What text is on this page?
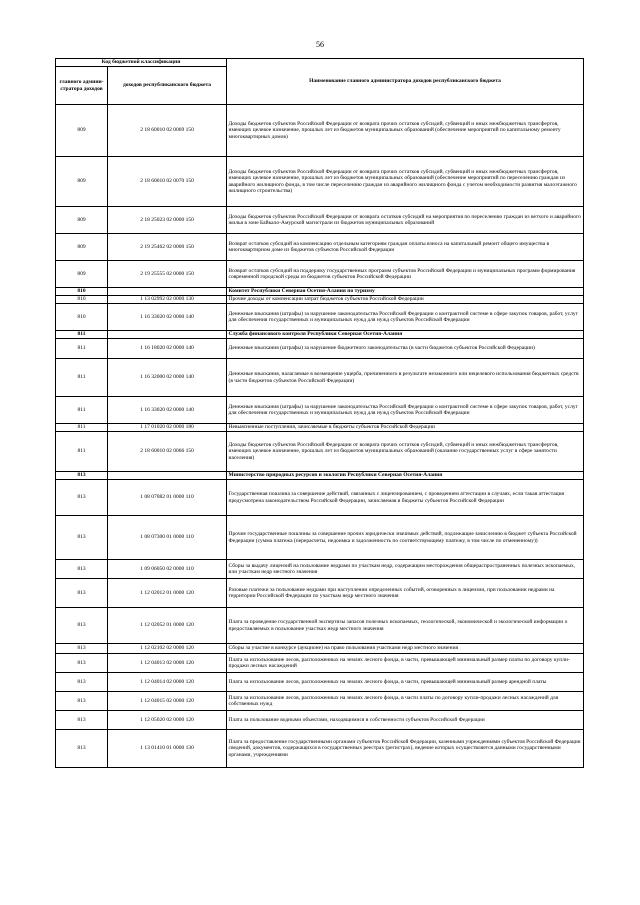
56
Код бюджетной классификации		Наименование главного администратора доходов республиканского бюджета
главного админи-стратора доходов	доходов республиканского бюджета	
809	2 18 60010 02 0069 150	Доходы бюджетов субъектов Российской Федерации от возврата прочих остатков субсидий, субвенций и иных межбюджетных трансфертов, имеющих целевое назначение, прошлых лет из бюджетов муниципальных образований (обеспечение мероприятий по капитальному ремонту многоквартирных домов)
809	2 18 60010 02 0070 150	Доходы бюджетов субъектов Российской Федерации от возврата прочих остатков субсидий, субвенций и иных межбюджетных трансфертов, имеющих целевое назначение, прошлых лет из бюджетов муниципальных образований (обеспечение мероприятий по переселению граждан из аварийного жилищного фонда, в том числе переселению граждан из аварийного жилищного фонда с учетом необходимости развития малоэтажного жилищного строительства)
809	2 18 25023 02 0000 150	Доходы бюджетов субъектов Российской Федерации от возврата остатков субсидий на мероприятия по переселению граждан из ветхого и аварийного жилья в зоне Байкало-Амурской магистрали из бюджетов муниципальных образований
809	2 19 25462 02 0000 150	Возврат остатков субсидий на компенсацию отдельным категориям граждан оплаты взноса на капитальный ремонт общего имущества в многоквартирном доме из бюджетов субъектов Российской Федерации
809	2 19 25555 02 0000 150	Возврат остатков субсидий на поддержку государственных программ субъектов Российской Федерации и муниципальных программ формирования современной городской среды из бюджетов субъектов Российской Федерации
810		Комитет Республики Северная Осетия-Алания по туризму
810	1 13 02992 02 0000 130	Прочие доходы от компенсации затрат бюджетов субъектов Российской Федерации
810	1 16 33020 02 0000 140	Денежные взыскания (штрафы) за нарушение законодательства Российской Федерации о контрактной системе в сфере закупок товаров, работ, услуг для обеспечения государственных и муниципальных нужд для нужд субъектов Российской Федерации
811		Служба финансового контроля Республики Северная Осетия-Алания
811	1 16 18020 02 0000 140	Денежные взыскания (штрафы) за нарушение бюджетного законодательства (в части бюджетов субъектов Российской Федерации)
811	1 16 32000 02 0000 140	Денежные взыскания, налагаемые в возмещение ущерба, причиненного в результате незаконного или нецелевого использования бюджетных средств (в части бюджетов субъектов Российской Федерации)
811	1 16 33020 02 0000 140	Денежные взыскания (штрафы) за нарушение законодательства Российской Федерации о контрактной системе в сфере закупок товаров, работ, услуг для обеспечения государственных и муниципальных нужд для нужд субъектов Российской Федерации
811	1 17 01020 02 0000 180	Невыясненные поступления, зачисляемые в бюджеты субъектов Российской Федерации
811	2 18 60010 02 0066 150	Доходы бюджетов субъектов Российской Федерации от возврата прочих остатков субсидий, субвенций и иных межбюджетных трансфертов, имеющих целевое назначение, прошлых лет из бюджетов муниципальных образований (оказание государственных услуг в сфере занятости населения)
813		Министерство природных ресурсов и экологии Республики Северная Осетия-Алания
813	1 08 07082 01 0000 110	Государственная пошлина за совершение действий, связанных с лицензированием, с проведением аттестации в случаях, если такая аттестация предусмотрена законодательством Российской Федерации, зачисляемая в бюджеты субъектов Российской Федерации
813	1 08 07300 01 0000 110	Прочие государственные пошлины за совершение прочих юридически значимых действий, подлежащие зачислению в бюджет субъекта Российской Федерации (сумма платежа (перерасчеты, недоимка и задолженность по соответствующему платежу, в том числе по отмененному))
813	1 09 06050 02 0000 110	Сборы за выдачу лицензий на пользование недрами по участкам недр, содержащим месторождения общераспространенных полезных ископаемых, или участкам недр местного значения
813	1 12 02012 01 0000 120	Разовые платежи за пользование недрами при наступлении определенных событий, оговоренных в лицензии, при пользовании недрами на территории Российской Федерации по участкам недр местного значения
813	1 12 02052 01 0000 120	Плата за проведение государственной экспертизы запасов полезных ископаемых, геологической, экономической и экологической информации о предоставляемых в пользование участках недр местного значения
813	1 12 02102 02 0000 120	Сборы за участие в конкурсе (аукционе) на право пользования участками недр местного значения
813	1 12 04013 02 0000 120	Плата за использование лесов, расположенных на землях лесного фонда, в части, превышающей минимальный размер платы по договору купли-продажи лесных насаждений
813	1 12 04014 02 0000 120	Плата за использование лесов, расположенных на землях лесного фонда, в части, превышающей минимальный размер арендной платы
813	1 12 04015 02 0000 120	Плата за использование лесов, расположенных на землях лесного фонда, в части платы по договору купли-продажи лесных насаждений для собственных нужд
813	1 12 05020 02 0000 120	Плата за пользование водными объектами, находящимися в собственности субъектов Российской Федерации
813	1 13 01410 01 0000 130	Плата за предоставление государственными органами субъектов Российской Федерации, казенными учреждениями субъектов Российской Федерации сведений, документов, содержащихся в государственных реестрах (регистрах), ведение которых осуществляется данными государственными органами, учреждениями
